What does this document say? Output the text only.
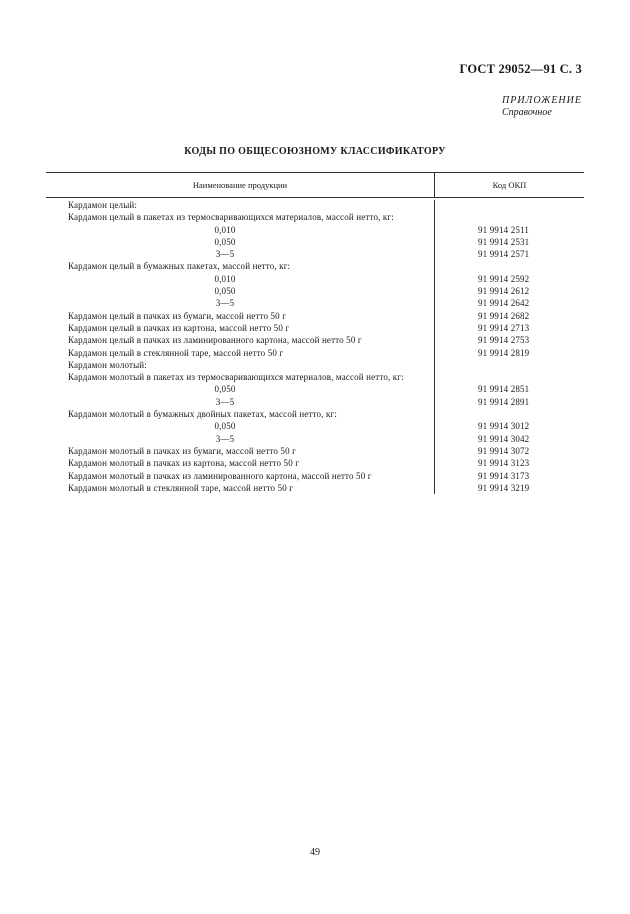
ГОСТ 29052—91 С. 3
ПРИЛОЖЕНИЕ
Справочное
КОДЫ ПО ОБЩЕСОЮЗНОМУ КЛАССИФИКАТОРУ
Наименование продукции	Код ОКП
Кардамон целый:
Кардамон целый в пакетах из термосваривающихся материалов, массой нетто, кг:
0,010	91 9914 2511
0,050	91 9914 2531
3—5	91 9914 2571
Кардамон целый в бумажных пакетах, массой нетто, кг:
0,010	91 9914 2592
0,050	91 9914 2612
3—5	91 9914 2642
Кардамон целый в пачках из бумаги, массой нетто 50 г	91 9914 2682
Кардамон целый в пачках из картона, массой нетто 50 г	91 9914 2713
Кардамон целый в пачках из ламинированного картона, массой нетто 50 г	91 9914 2753
Кардамон целый в стеклянной таре, массой нетто 50 г	91 9914 2819
Кардамон молотый:
Кардамон молотый в пакетах из термосваривающихся материалов, массой нетто, кг:
0,050	91 9914 2851
3—5	91 9914 2891
Кардамон молотый в бумажных двойных пакетах, массой нетто, кг:
0,050	91 9914 3012
3—5	91 9914 3042
Кардамон молотый в пачках из бумаги, массой нетто 50 г	91 9914 3072
Кардамон молотый в пачках из картона, массой нетто 50 г	91 9914 3123
Кардамон молотый в пачках из ламинированного картона, массой нетто 50 г	91 9914 3173
Кардамон молотый в стеклянной таре, массой нетто 50 г	91 9914 3219
49
